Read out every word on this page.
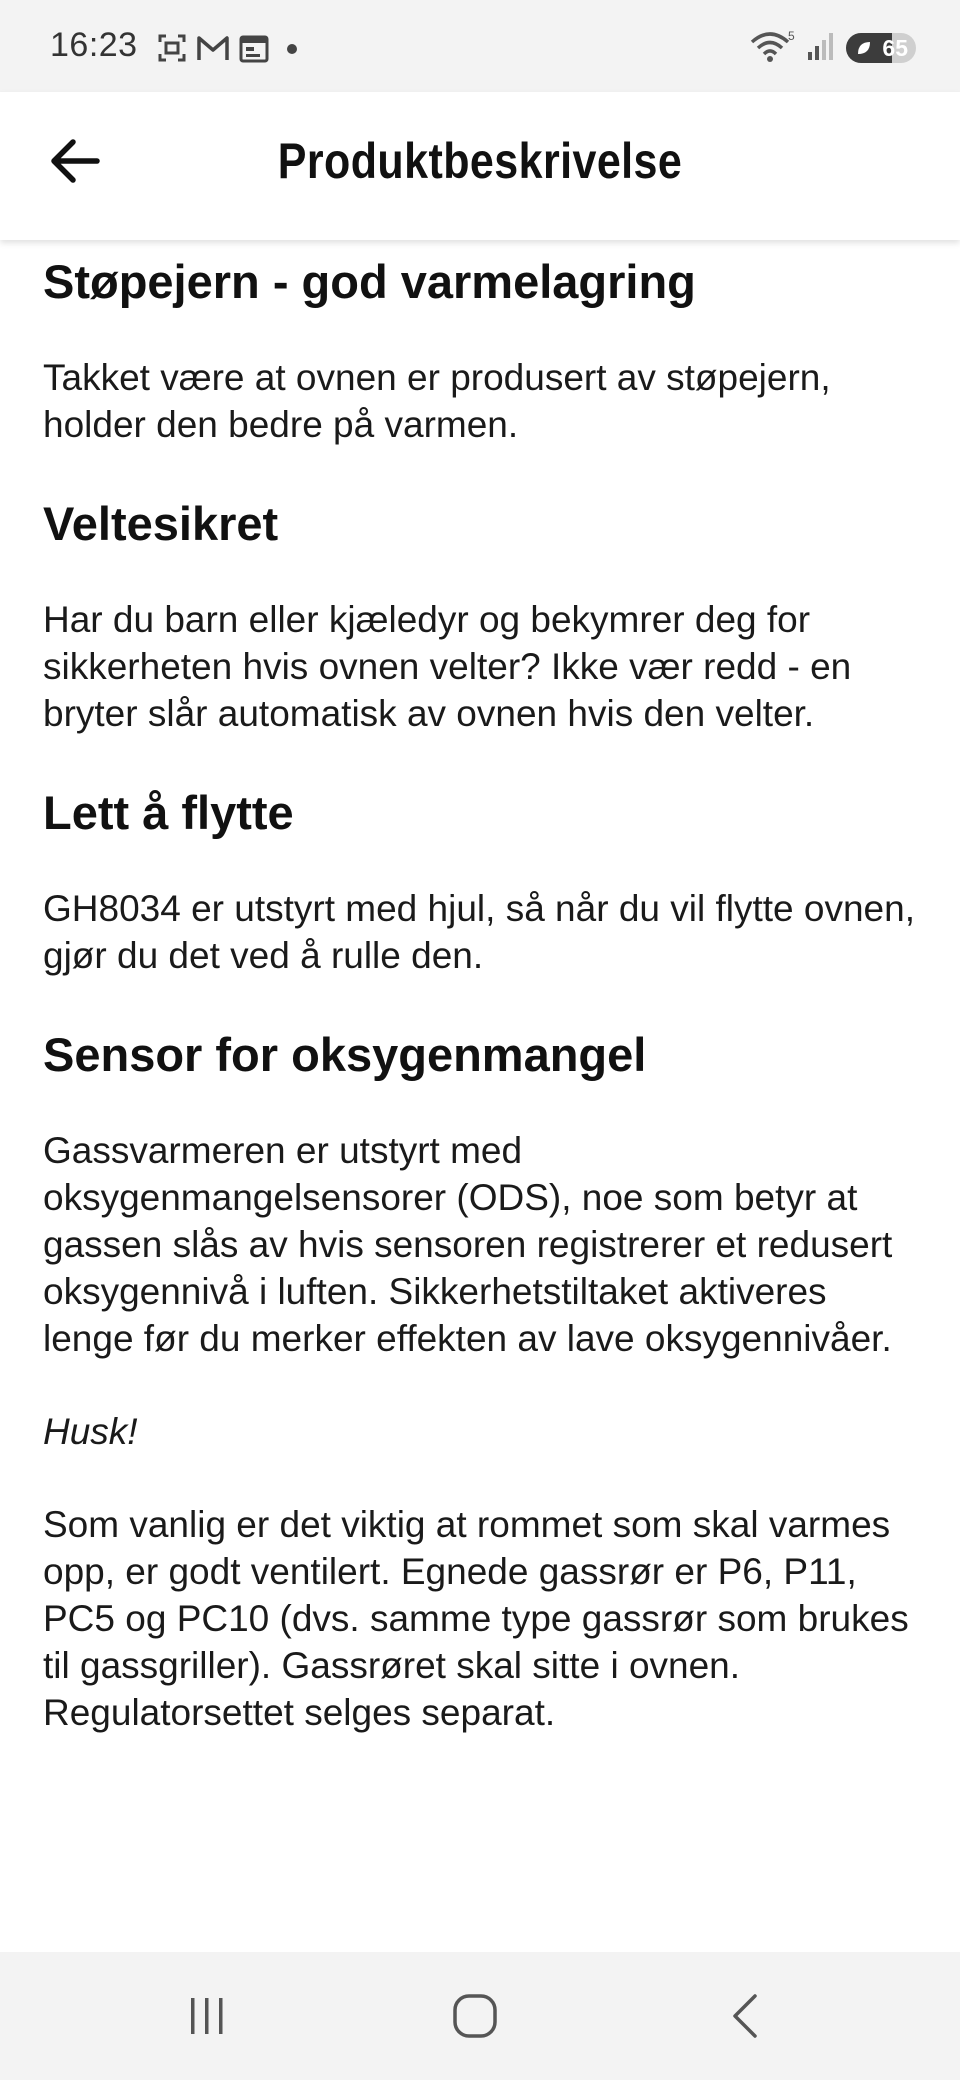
16:23	5	65
Produktbeskrivelse
Støpejern - god varmelagring

Takket være at ovnen er produsert av støpejern, holder den bedre på varmen.

Veltesikret

Har du barn eller kjæledyr og bekymrer deg for sikkerheten hvis ovnen velter? Ikke vær redd - en bryter slår automatisk av ovnen hvis den velter.

Lett å flytte

GH8034 er utstyrt med hjul, så når du vil flytte ovnen, gjør du det ved å rulle den.

Sensor for oksygenmangel

Gassvarmeren er utstyrt med oksygenmangelsensorer (ODS), noe som betyr at gassen slås av hvis sensoren registrerer et redusert oksygennivå i luften. Sikkerhetstiltaket aktiveres lenge før du merker effekten av lave oksygennivåer.

Husk!

Som vanlig er det viktig at rommet som skal varmes opp, er godt ventilert. Egnede gassrør er P6, P11, PC5 og PC10 (dvs. samme type gassrør som brukes til gassgriller). Gassrøret skal sitte i ovnen. Regulatorsettet selges separat.
